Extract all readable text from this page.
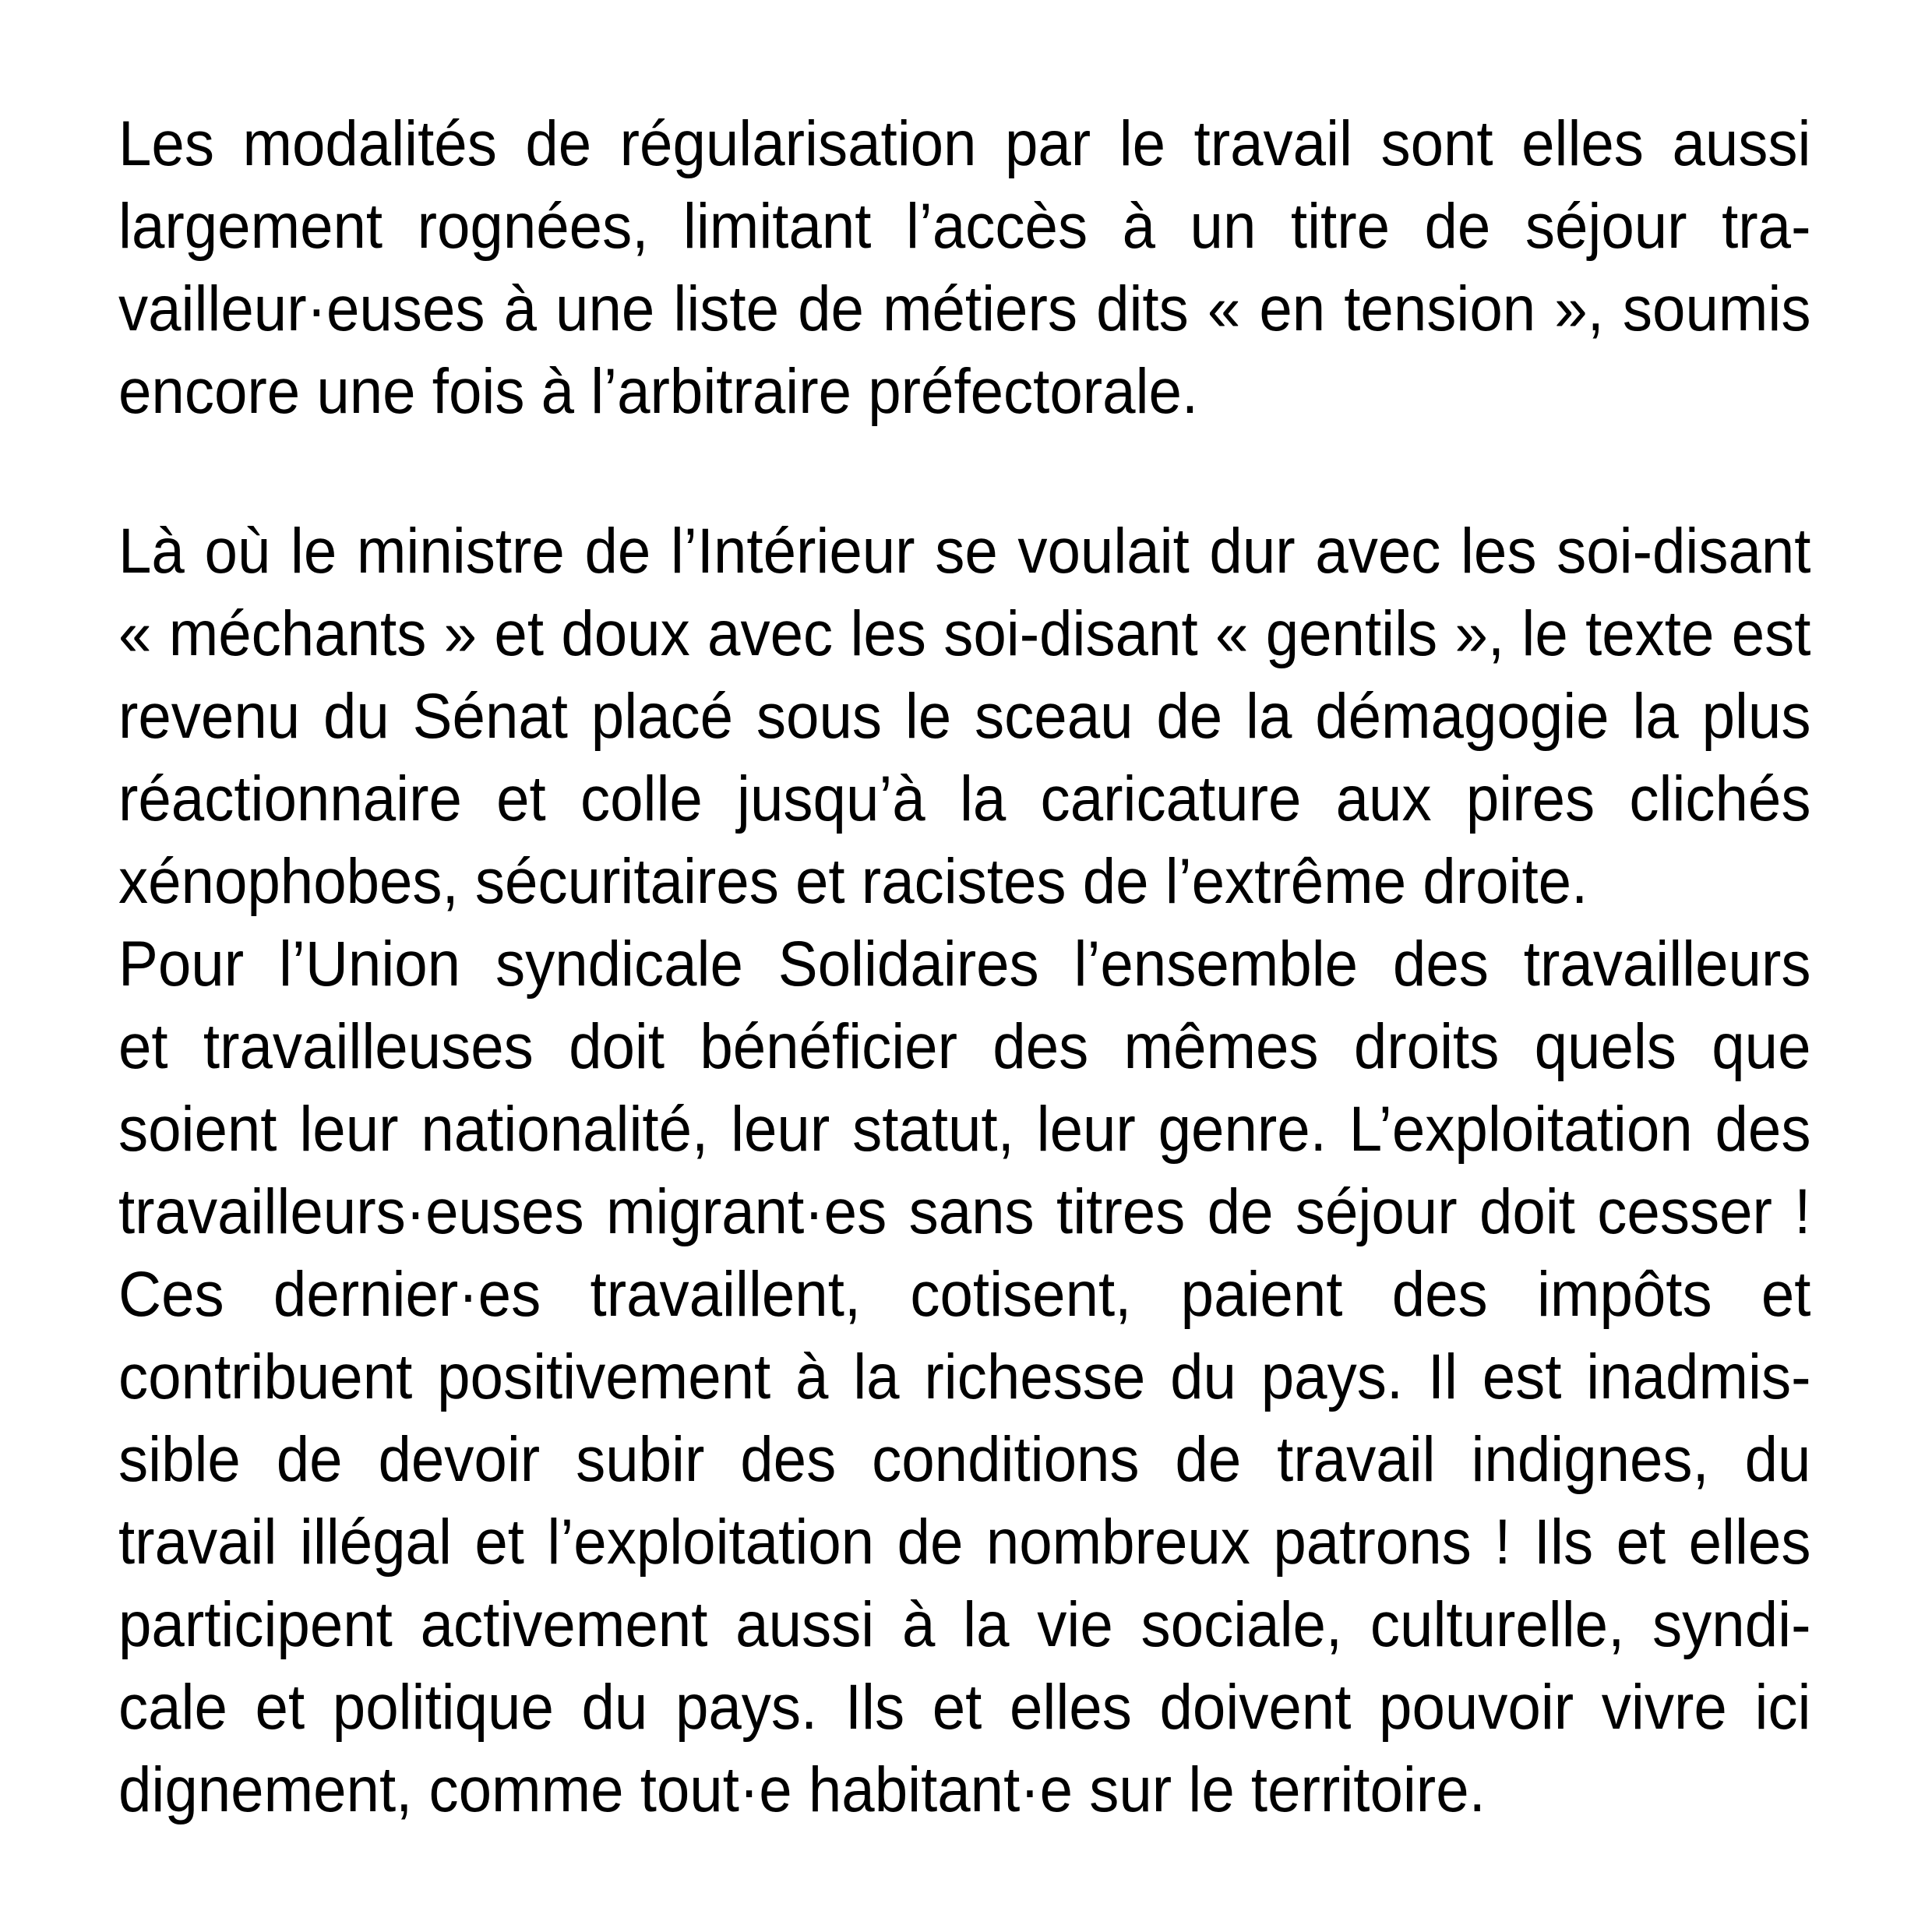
Les modalités de régularisation par le travail sont elles aussi
largement rognées, limitant l’accès à un titre de séjour tra-
vailleur·euses à une liste de métiers dits « en tension », soumis
encore une fois à l’arbitraire préfectorale.
Là où le ministre de l’Intérieur se voulait dur avec les soi-disant
« méchants » et doux avec les soi-disant « gentils », le texte est
revenu du Sénat placé sous le sceau de la démagogie la plus
réactionnaire et colle jusqu’à la caricature aux pires clichés
xénophobes, sécuritaires et racistes de l’extrême droite.
Pour l’Union syndicale Solidaires l’ensemble des travailleurs
et travailleuses doit bénéficier des mêmes droits quels que
soient leur nationalité, leur statut, leur genre. L’exploitation des
travailleurs·euses migrant·es sans titres de séjour doit cesser !
Ces dernier·es travaillent, cotisent, paient des impôts et
contribuent positivement à la richesse du pays. Il est inadmis-
sible de devoir subir des conditions de travail indignes, du
travail illégal et l’exploitation de nombreux patrons ! Ils et elles
participent activement aussi à la vie sociale, culturelle, syndi-
cale et politique du pays. Ils et elles doivent pouvoir vivre ici
dignement, comme tout·e habitant·e sur le territoire.
